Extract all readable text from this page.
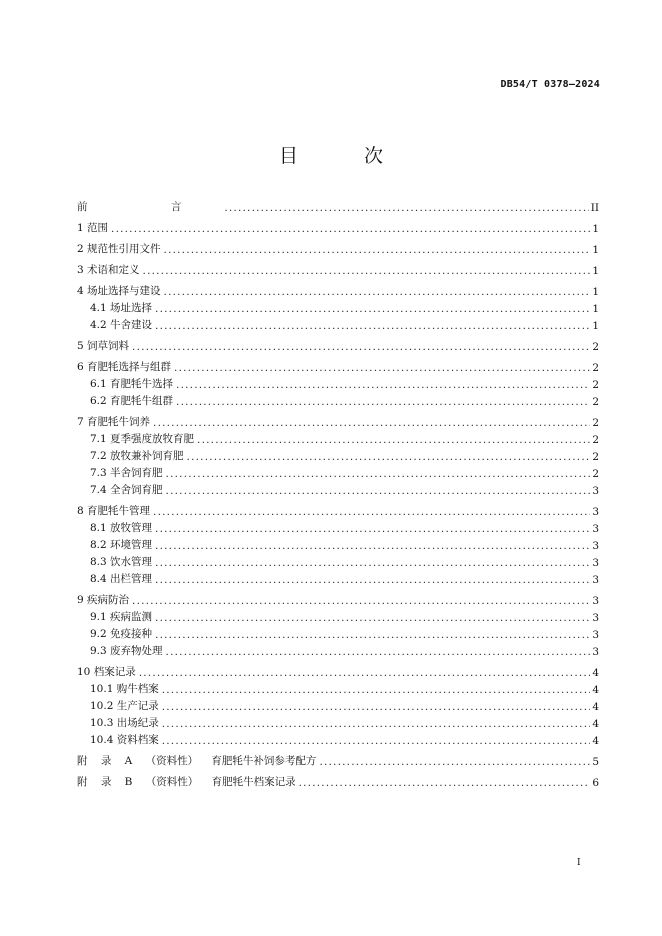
DB54/T 0378—2024
目 次
前 言 .....	II
1 范围 .....	1
2 规范性引用文件 .....	1
3 术语和定义 .....	1
4 场址选择与建设 .....	1
4.1 场址选择 .....	1
4.2 牛舍建设 .....	1
5 饲草饲料 .....	2
6 育肥牦选择与组群 .....	2
6.1 育肥牦牛选择 .....	2
6.2 育肥牦牛组群 .....	2
7 育肥牦牛饲养 .....	2
7.1 夏季强度放牧育肥 .....	2
7.2 放牧兼补饲育肥 .....	2
7.3 半舍饲育肥 .....	2
7.4 全舍饲育肥 .....	3
8 育肥牦牛管理 .....	3
8.1 放牧管理 .....	3
8.2 环境管理 .....	3
8.3 饮水管理 .....	3
8.4 出栏管理 .....	3
9 疾病防治 .....	3
9.1 疾病监测 .....	3
9.2 免疫接种 .....	3
9.3 废弃物处理 .....	3
10 档案记录 .....	4
10.1 购牛档案 .....	4
10.2 生产记录 .....	4
10.3 出场纪录 .....	4
10.4 资料档案 .....	4
附 录 A （资料性） 育肥牦牛补饲参考配方 .....	5
附 录 B （资料性） 育肥牦牛档案记录 .....	6
I
